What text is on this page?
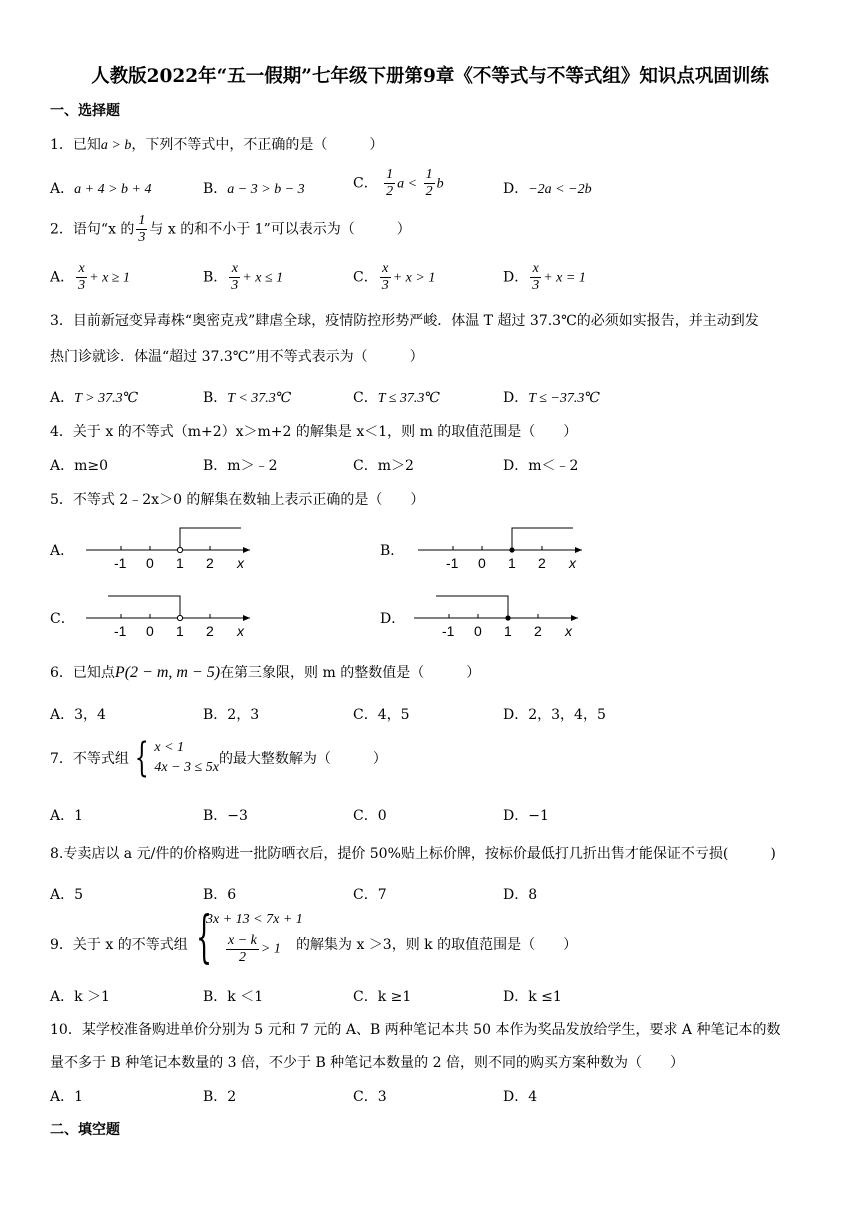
人教版2022年“五一假期”七年级下册第9章《不等式与不等式组》知识点巩固训练
一、选择题
1．已知a > b，下列不等式中，不正确的是（　　　）
A．a + 4 > b + 4	B．a − 3 > b − 3	C． $\frac{1}{2}$ $a < \frac{1}{2}$ b	D．−2a < −2b
2．语句“x 的 $\frac{1}{3}$ 与 x 的和不小于 1”可以表示为（　　　）
A． $\frac{x}{3} + x \ge 1$	B． $\frac{x}{3} + x \le 1$	C． $\frac{x}{3} + x > 1$	D． $\frac{x}{3} + x = 1$
3．目前新冠变异毒株“奥密克戎”肆虐全球，疫情防控形势严峻．体温 T 超过 37.3℃的必须如实报告，并主动到发
热门诊就诊．体温“超过 37.3℃”用不等式表示为（　　　）
A．T > 37.3℃	B．T < 37.3℃	C．T ≤ 37.3℃	D．T ≤ −37.3℃
4．关于 x 的不等式（m+2）x＞m+2 的解集是 x＜1，则 m 的取值范围是（　　）
A．m≥0	B．m＞﹣2	C．m＞2	D．m＜﹣2
5．不等式 2﹣2x＞0 的解集在数轴上表示正确的是（　　）
A．	B．
C．	D．
-1 0 1 2 x	-1 0 1 2 x
-1 0 1 2 x	-1 0 1 2 x
6．已知点P(2 − m, m − 5)在第三象限，则 m 的整数值是（　　　）
A．3，4	B．2，3	C．4，5	D．2，3，4，5
7．不等式组 { x < 1
4x − 3 ≤ 5x
的最大整数解为（　　　）
A．1	B．−3	C．0	D．−1
8.专卖店以 a 元/件的价格购进一批防晒衣后，提价 50%贴上标价牌，按标价最低打几折出售才能保证不亏损(　　　)
A．5	B．6	C．7	D．8
9．关于 x 的不等式组 {
3x + 13 < 7x + 1
$\frac{x - k}{2} > 1$ 的解集为 x ＞3，则 k 的取值范围是（　　）
A．k ＞1	B．k ＜1	C．k ≥1	D．k ≤1
10．某学校准备购进单价分别为 5 元和 7 元的 A、B 两种笔记本共 50 本作为奖品发放给学生，要求 A 种笔记本的数
量不多于 B 种笔记本数量的 3 倍，不少于 B 种笔记本数量的 2 倍，则不同的购买方案种数为（　　）
A．1	B．2	C．3	D．4
二、填空题
